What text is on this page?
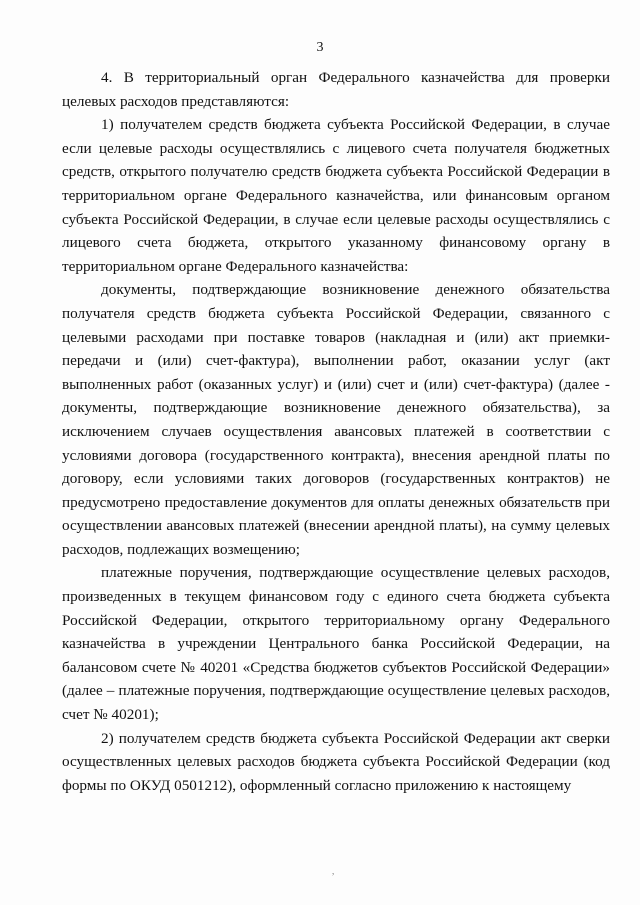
3

4. В территориальный орган Федерального казначейства для проверки целевых расходов представляются:

1) получателем средств бюджета субъекта Российской Федерации, в случае если целевые расходы осуществлялись с лицевого счета получателя бюджетных средств, открытого получателю средств бюджета субъекта Российской Федерации в территориальном органе Федерального казначейства, или финансовым органом субъекта Российской Федерации, в случае если целевые расходы осуществлялись с лицевого счета бюджета, открытого указанному финансовому органу в территориальном органе Федерального казначейства:

документы, подтверждающие возникновение денежного обязательства получателя средств бюджета субъекта Российской Федерации, связанного с целевыми расходами при поставке товаров (накладная и (или) акт приемки-передачи и (или) счет-фактура), выполнении работ, оказании услуг (акт выполненных работ (оказанных услуг) и (или) счет и (или) счет-фактура) (далее - документы, подтверждающие возникновение денежного обязательства), за исключением случаев осуществления авансовых платежей в соответствии с условиями договора (государственного контракта), внесения арендной платы по договору, если условиями таких договоров (государственных контрактов) не предусмотрено предоставление документов для оплаты денежных обязательств при осуществлении авансовых платежей (внесении арендной платы), на сумму целевых расходов, подлежащих возмещению;

платежные поручения, подтверждающие осуществление целевых расходов, произведенных в текущем финансовом году с единого счета бюджета субъекта Российской Федерации, открытого территориальному органу Федерального казначейства в учреждении Центрального банка Российской Федерации, на балансовом счете № 40201 «Средства бюджетов субъектов Российской Федерации» (далее – платежные поручения, подтверждающие осуществление целевых расходов, счет № 40201);

2) получателем средств бюджета субъекта Российской Федерации акт сверки осуществленных целевых расходов бюджета субъекта Российской Федерации (код формы по ОКУД 0501212), оформленный согласно приложению к настоящему

,
